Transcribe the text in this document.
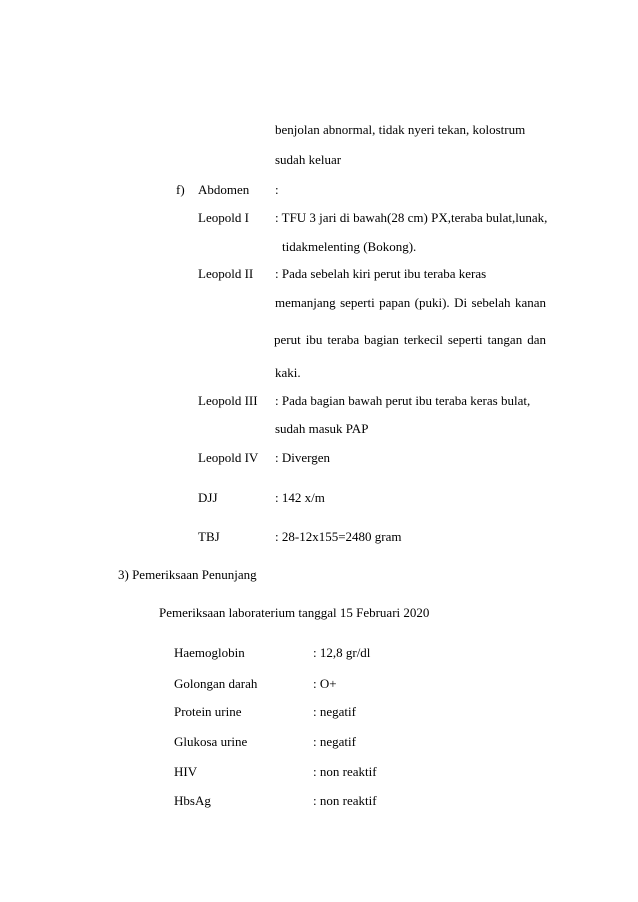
benjolan abnormal, tidak nyeri tekan, kolostrum
sudah keluar
f) Abdomen :
Leopold I : TFU 3 jari di bawah(28 cm) PX,teraba bulat,lunak,
tidakmelenting (Bokong).
Leopold II : Pada sebelah kiri perut ibu teraba keras
memanjang seperti papan (puki). Di sebelah kanan
perut ibu teraba bagian terkecil seperti tangan dan
kaki.
Leopold III : Pada bagian bawah perut ibu teraba keras bulat,
sudah masuk PAP
Leopold IV : Divergen
DJJ	: 142 x/m
TBJ	: 28-12x155=2480 gram
3) Pemeriksaan Penunjang
Pemeriksaan laboraterium tanggal 15 Februari 2020
Haemoglobin	: 12,8 gr/dl
Golongan darah	: O+
Protein urine	: negatif
Glukosa urine	: negatif
HIV	: non reaktif
HbsAg	: non reaktif
